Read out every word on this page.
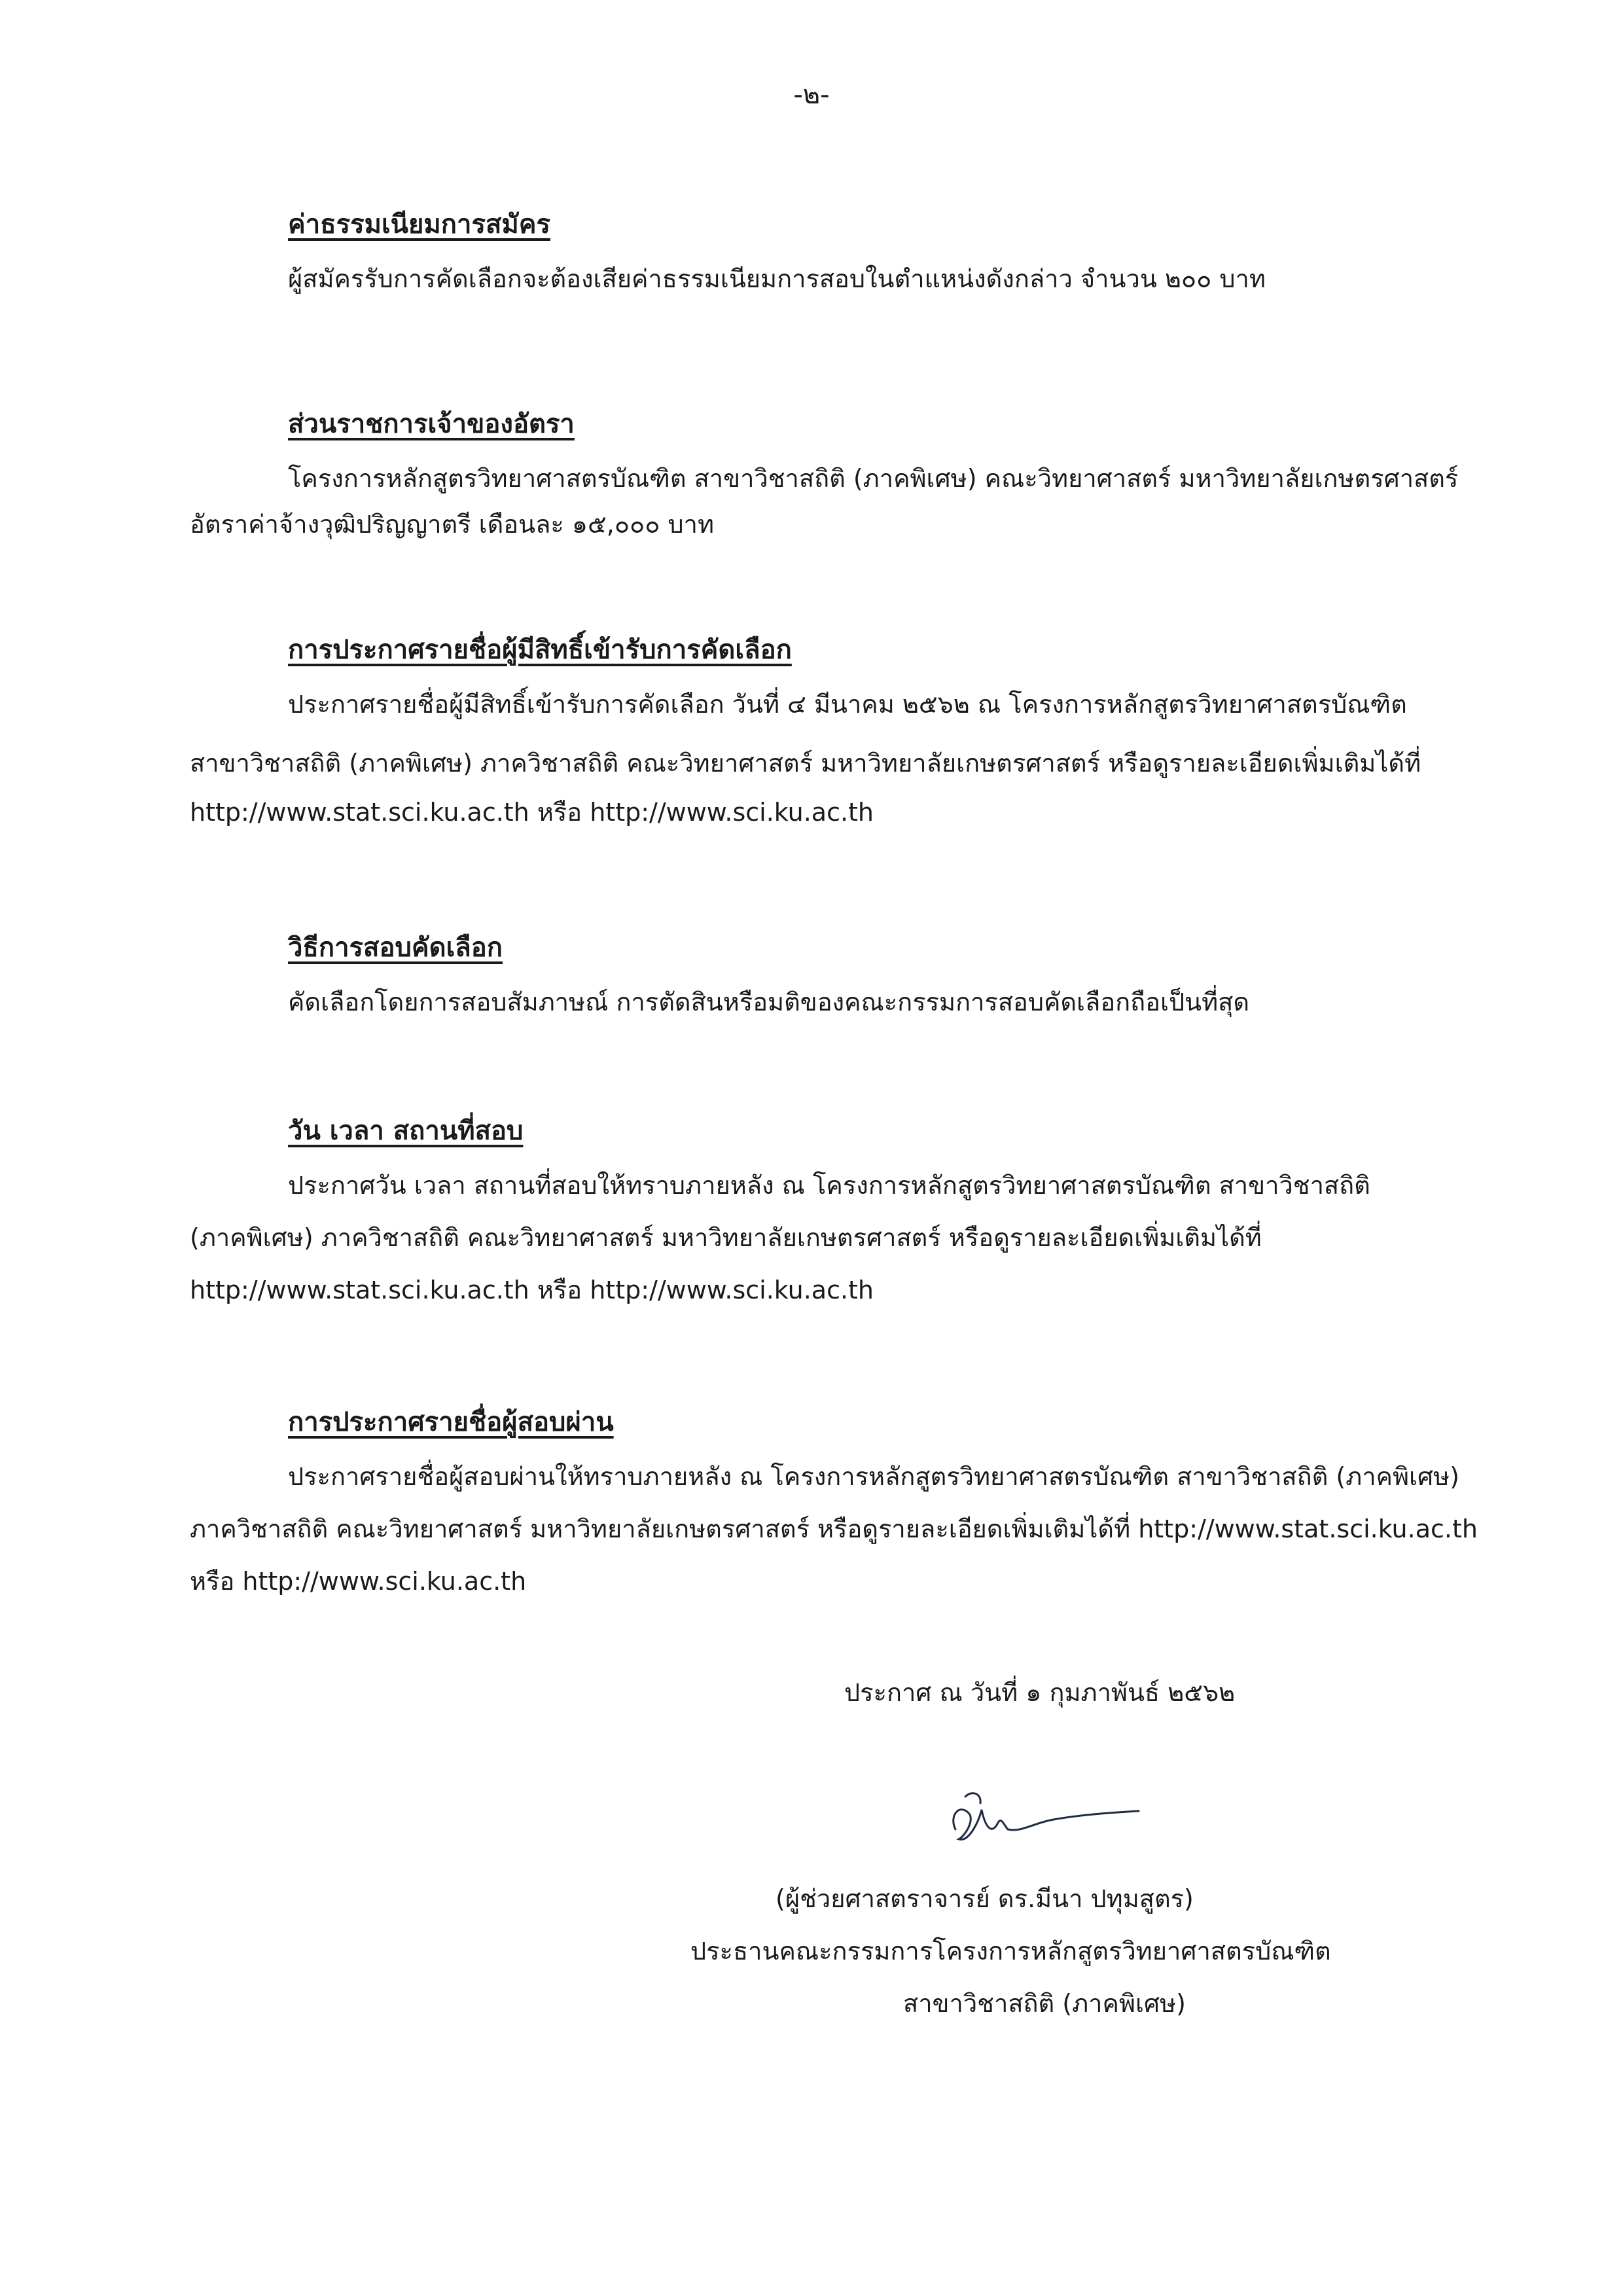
-๒-
ค่าธรรมเนียมการสมัคร
ผู้สมัครรับการคัดเลือกจะต้องเสียค่าธรรมเนียมการสอบในตำแหน่งดังกล่าว จำนวน ๒๐๐ บาท
ส่วนราชการเจ้าของอัตรา
โครงการหลักสูตรวิทยาศาสตรบัณฑิต สาขาวิชาสถิติ (ภาคพิเศษ) คณะวิทยาศาสตร์ มหาวิทยาลัยเกษตรศาสตร์
อัตราค่าจ้างวุฒิปริญญาตรี เดือนละ ๑๕,๐๐๐ บาท
การประกาศรายชื่อผู้มีสิทธิ์เข้ารับการคัดเลือก
ประกาศรายชื่อผู้มีสิทธิ์เข้ารับการคัดเลือก วันที่ ๔ มีนาคม ๒๕๖๒ ณ โครงการหลักสูตรวิทยาศาสตรบัณฑิต
สาขาวิชาสถิติ (ภาคพิเศษ) ภาควิชาสถิติ คณะวิทยาศาสตร์ มหาวิทยาลัยเกษตรศาสตร์ หรือดูรายละเอียดเพิ่มเติมได้ที่
http://www.stat.sci.ku.ac.th หรือ http://www.sci.ku.ac.th
วิธีการสอบคัดเลือก
คัดเลือกโดยการสอบสัมภาษณ์ การตัดสินหรือมติของคณะกรรมการสอบคัดเลือกถือเป็นที่สุด
วัน เวลา สถานที่สอบ
ประกาศวัน เวลา สถานที่สอบให้ทราบภายหลัง ณ โครงการหลักสูตรวิทยาศาสตรบัณฑิต สาขาวิชาสถิติ
(ภาคพิเศษ) ภาควิชาสถิติ คณะวิทยาศาสตร์ มหาวิทยาลัยเกษตรศาสตร์ หรือดูรายละเอียดเพิ่มเติมได้ที่
http://www.stat.sci.ku.ac.th หรือ http://www.sci.ku.ac.th
การประกาศรายชื่อผู้สอบผ่าน
ประกาศรายชื่อผู้สอบผ่านให้ทราบภายหลัง ณ โครงการหลักสูตรวิทยาศาสตรบัณฑิต สาขาวิชาสถิติ (ภาคพิเศษ)
ภาควิชาสถิติ คณะวิทยาศาสตร์ มหาวิทยาลัยเกษตรศาสตร์ หรือดูรายละเอียดเพิ่มเติมได้ที่ http://www.stat.sci.ku.ac.th
หรือ http://www.sci.ku.ac.th
ประกาศ ณ วันที่ ๑ กุมภาพันธ์ ๒๕๖๒
(ผู้ช่วยศาสตราจารย์ ดร.มีนา ปทุมสูตร)
ประธานคณะกรรมการโครงการหลักสูตรวิทยาศาสตรบัณฑิต
สาขาวิชาสถิติ (ภาคพิเศษ)
